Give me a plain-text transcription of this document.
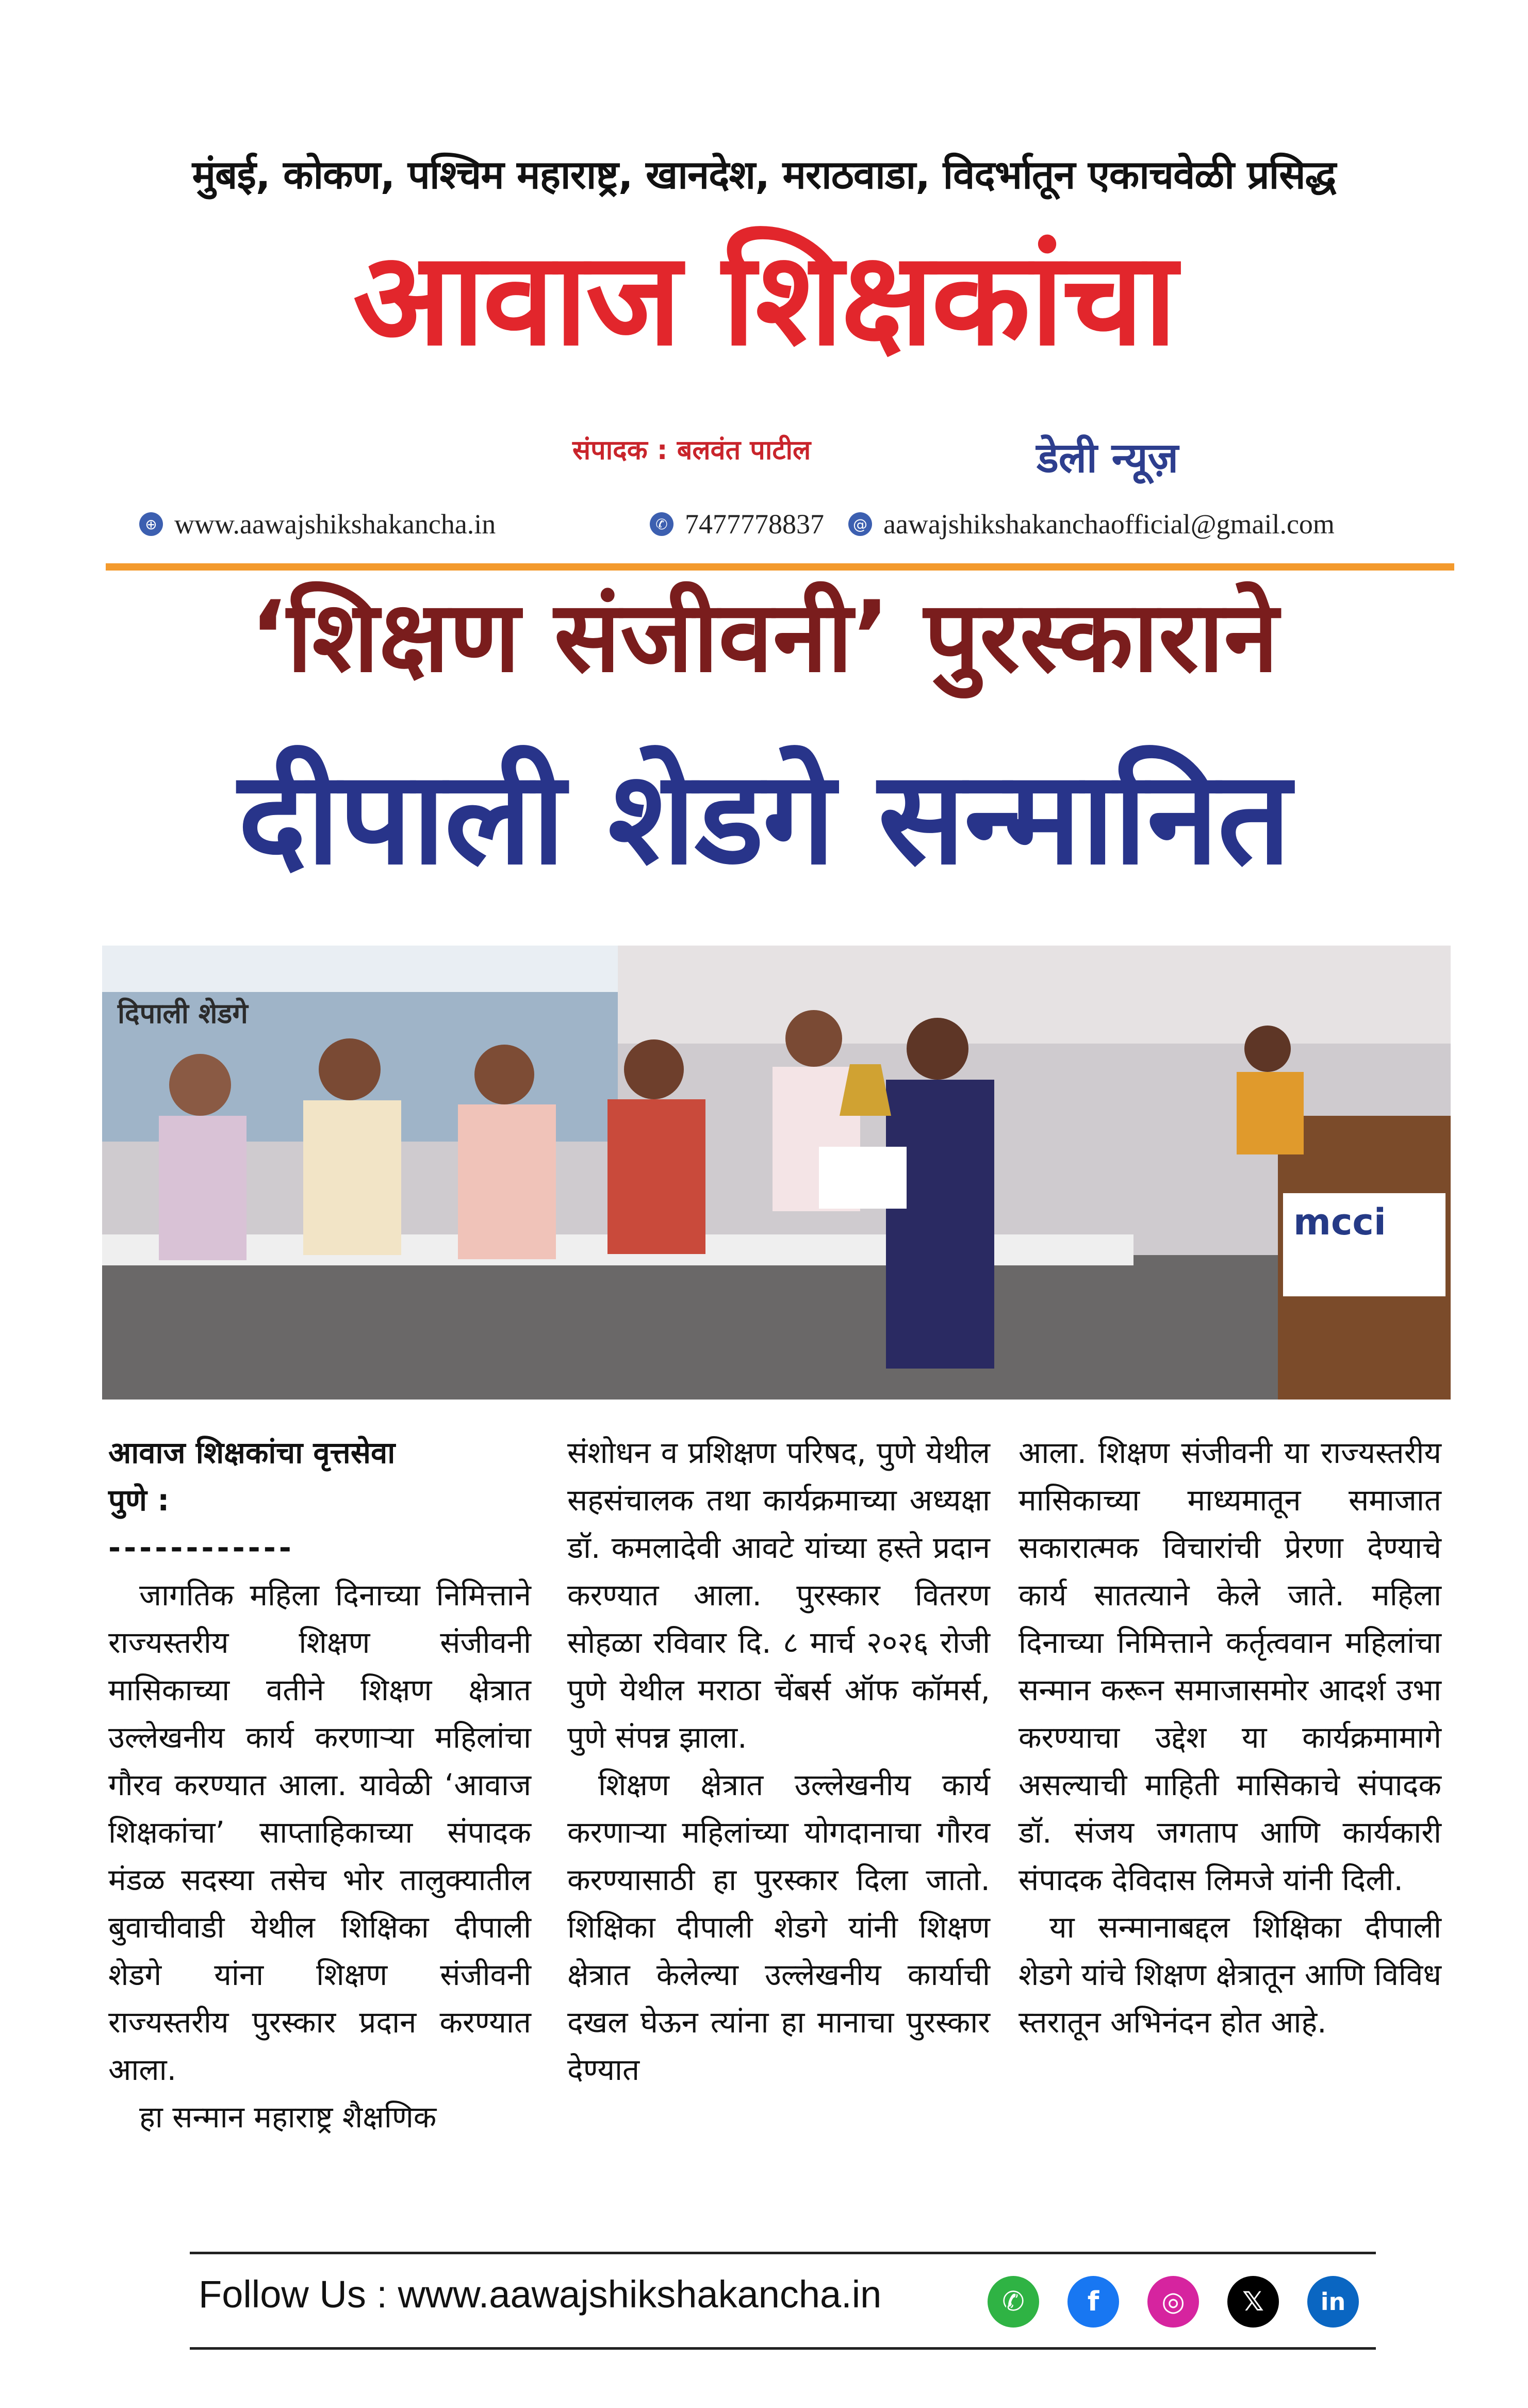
मुंबई, कोकण, पश्चिम महाराष्ट्र, खानदेश, मराठवाडा, विदर्भातून एकाचवेळी प्रसिद्ध
आवाज शिक्षकांचा
संपादक : बलवंत पाटील	डेली न्यूज़
⊕ www.aawajshikshakancha.in	✆ 7477778837	@ aawajshikshakanchaofficial@gmail.com
‘शिक्षण संजीवनी’ पुरस्काराने
दीपाली शेडगे सन्मानित
दिपाली शेडगे
mcci

आवाज शिक्षकांचा वृत्तसेवा

पुणे :

------------

जागतिक महिला दिनाच्या निमित्ताने राज्यस्तरीय शिक्षण संजीवनी मासिकाच्या वतीने शिक्षण क्षेत्रात उल्लेखनीय कार्य करणाऱ्या महिलांचा गौरव करण्यात आला. यावेळी ‘आवाज शिक्षकांचा’ साप्ताहिकाच्या संपादक मंडळ सदस्या तसेच भोर तालुक्यातील बुवाचीवाडी येथील शिक्षिका दीपाली शेडगे यांना शिक्षण संजीवनी राज्यस्तरीय पुरस्कार प्रदान करण्यात आला.

हा सन्मान महाराष्ट्र शैक्षणिक

संशोधन व प्रशिक्षण परिषद, पुणे येथील सहसंचालक तथा कार्यक्रमाच्या अध्यक्षा डॉ. कमलादेवी आवटे यांच्या हस्ते प्रदान करण्यात आला. पुरस्कार वितरण सोहळा रविवार दि. ८ मार्च २०२६ रोजी पुणे येथील मराठा चेंबर्स ऑफ कॉमर्स, पुणे संपन्न झाला.

शिक्षण क्षेत्रात उल्लेखनीय कार्य करणाऱ्या महिलांच्या योगदानाचा गौरव करण्यासाठी हा पुरस्कार दिला जातो. शिक्षिका दीपाली शेडगे यांनी शिक्षण क्षेत्रात केलेल्या उल्लेखनीय कार्याची दखल घेऊन त्यांना हा मानाचा पुरस्कार देण्यात

आला. शिक्षण संजीवनी या राज्यस्तरीय मासिकाच्या माध्यमातून समाजात सकारात्मक विचारांची प्रेरणा देण्याचे कार्य सातत्याने केले जाते. महिला दिनाच्या निमित्ताने कर्तृत्ववान महिलांचा सन्मान करून समाजासमोर आदर्श उभा करण्याचा उद्देश या कार्यक्रमामागे असल्याची माहिती मासिकाचे संपादक डॉ. संजय जगताप आणि कार्यकारी संपादक देविदास लिमजे यांनी दिली.

या सन्मानाबद्दल शिक्षिका दीपाली शेडगे यांचे शिक्षण क्षेत्रातून आणि विविध स्तरातून अभिनंदन होत आहे.

Follow Us : www.aawajshikshakancha.in	✆	f	◎	𝕏	in
